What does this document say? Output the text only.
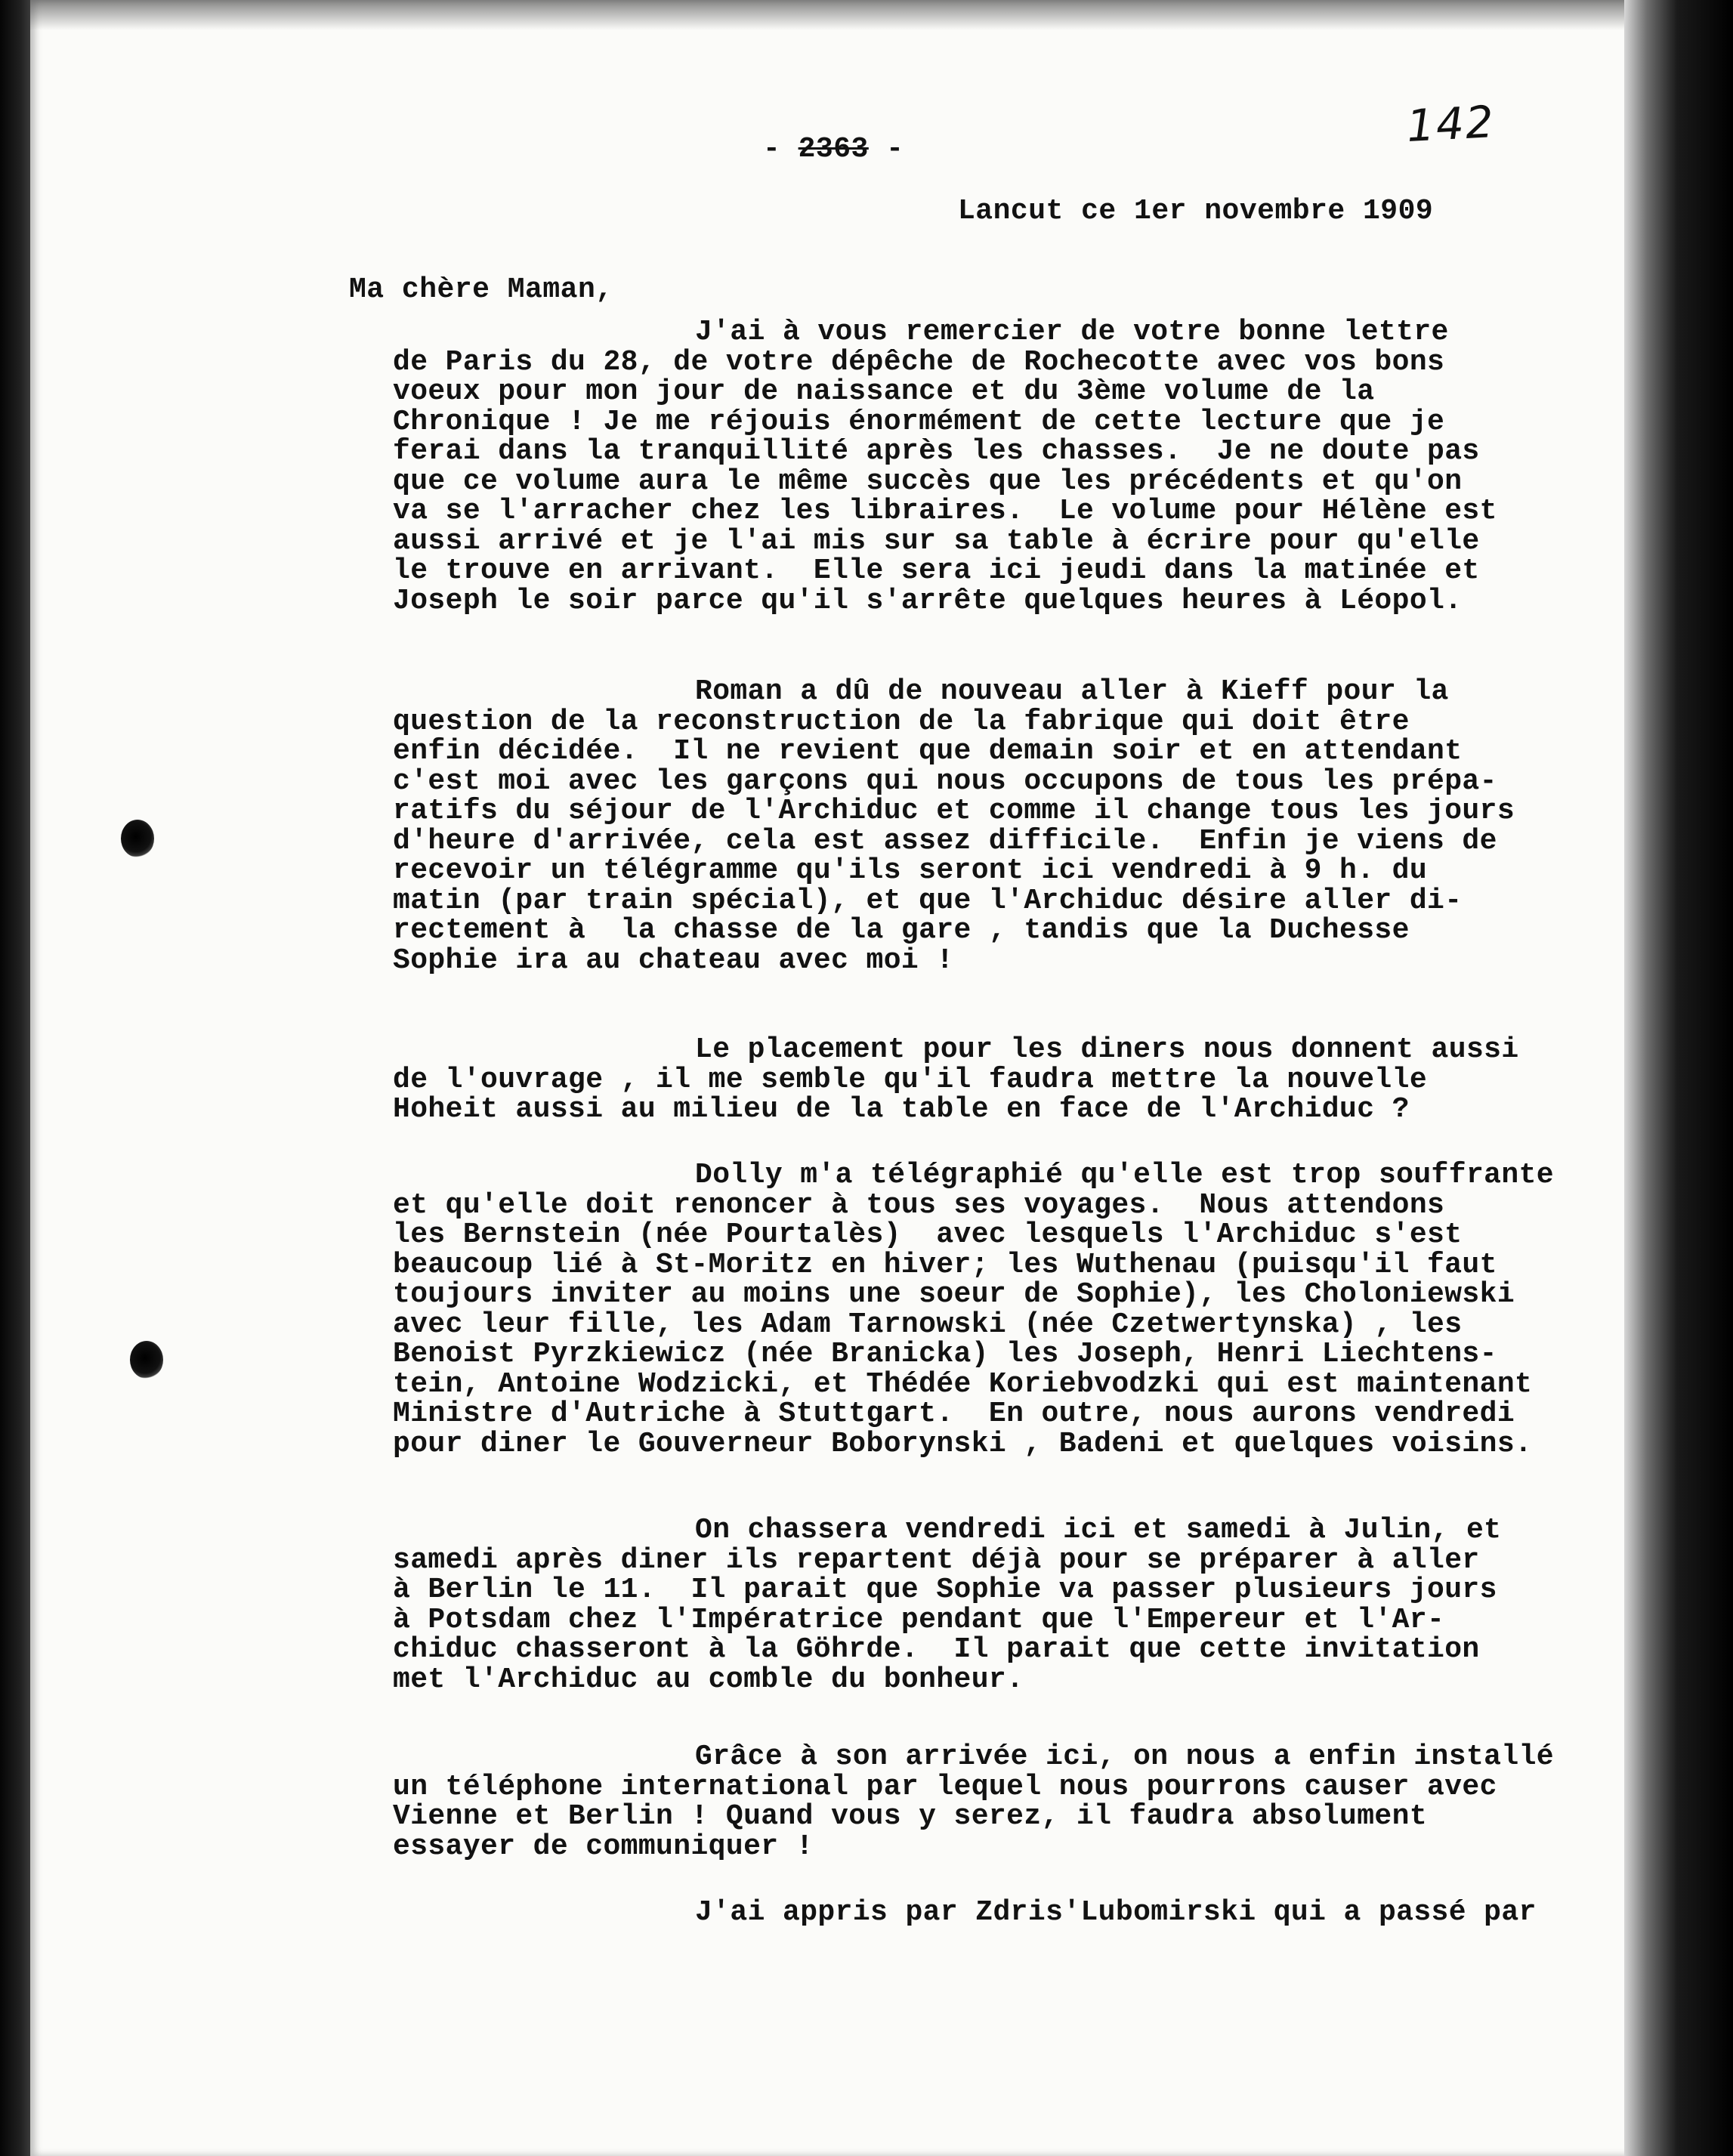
142
- 2363 -
Lancut ce 1er novembre 1909
Ma chère Maman,
J'ai à vous remercier de votre bonne lettre
de Paris du 28, de votre dépêche de Rochecotte avec vos bons
voeux pour mon jour de naissance et du 3ème volume de la
Chronique ! Je me réjouis énormément de cette lecture que je
ferai dans la tranquillité après les chasses.  Je ne doute pas
que ce volume aura le même succès que les précédents et qu'on
va se l'arracher chez les libraires.  Le volume pour Hélène est
aussi arrivé et je l'ai mis sur sa table à écrire pour qu'elle
le trouve en arrivant.  Elle sera ici jeudi dans la matinée et
Joseph le soir parce qu'il s'arrête quelques heures à Léopol.
Roman a dû de nouveau aller à Kieff pour la
question de la reconstruction de la fabrique qui doit être
enfin décidée.  Il ne revient que demain soir et en attendant
c'est moi avec les garçons qui nous occupons de tous les prépa-
ratifs du séjour de l'Archiduc et comme il change tous les jours
d'heure d'arrivée, cela est assez difficile.  Enfin je viens de
recevoir un télégramme qu'ils seront ici vendredi à 9 h. du
matin (par train spécial), et que l'Archiduc désire aller di-
rectement à  la chasse de la gare , tandis que la Duchesse
Sophie ira au chateau avec moi !
Le placement pour les diners nous donnent aussi
de l'ouvrage , il me semble qu'il faudra mettre la nouvelle
Hoheit aussi au milieu de la table en face de l'Archiduc ?
Dolly m'a télégraphié qu'elle est trop souffrante
et qu'elle doit renoncer à tous ses voyages.  Nous attendons
les Bernstein (née Pourtalès)  avec lesquels l'Archiduc s'est
beaucoup lié à St-Moritz en hiver; les Wuthenau (puisqu'il faut
toujours inviter au moins une soeur de Sophie), les Choloniewski
avec leur fille, les Adam Tarnowski (née Czetwertynska) , les
Benoist Pyrzkiewicz (née Branicka) les Joseph, Henri Liechtens-
tein, Antoine Wodzicki, et Thédée Koriebvodzki qui est maintenant
Ministre d'Autriche à Stuttgart.  En outre, nous aurons vendredi
pour diner le Gouverneur Boborynski , Badeni et quelques voisins.
On chassera vendredi ici et samedi à Julin, et
samedi après diner ils repartent déjà pour se préparer à aller
à Berlin le 11.  Il parait que Sophie va passer plusieurs jours
à Potsdam chez l'Impératrice pendant que l'Empereur et l'Ar-
chiduc chasseront à la Göhrde.  Il parait que cette invitation
met l'Archiduc au comble du bonheur.
Grâce à son arrivée ici, on nous a enfin installé
un téléphone international par lequel nous pourrons causer avec
Vienne et Berlin ! Quand vous y serez, il faudra absolument
essayer de communiquer !
J'ai appris par Zdris'Lubomirski qui a passé par
